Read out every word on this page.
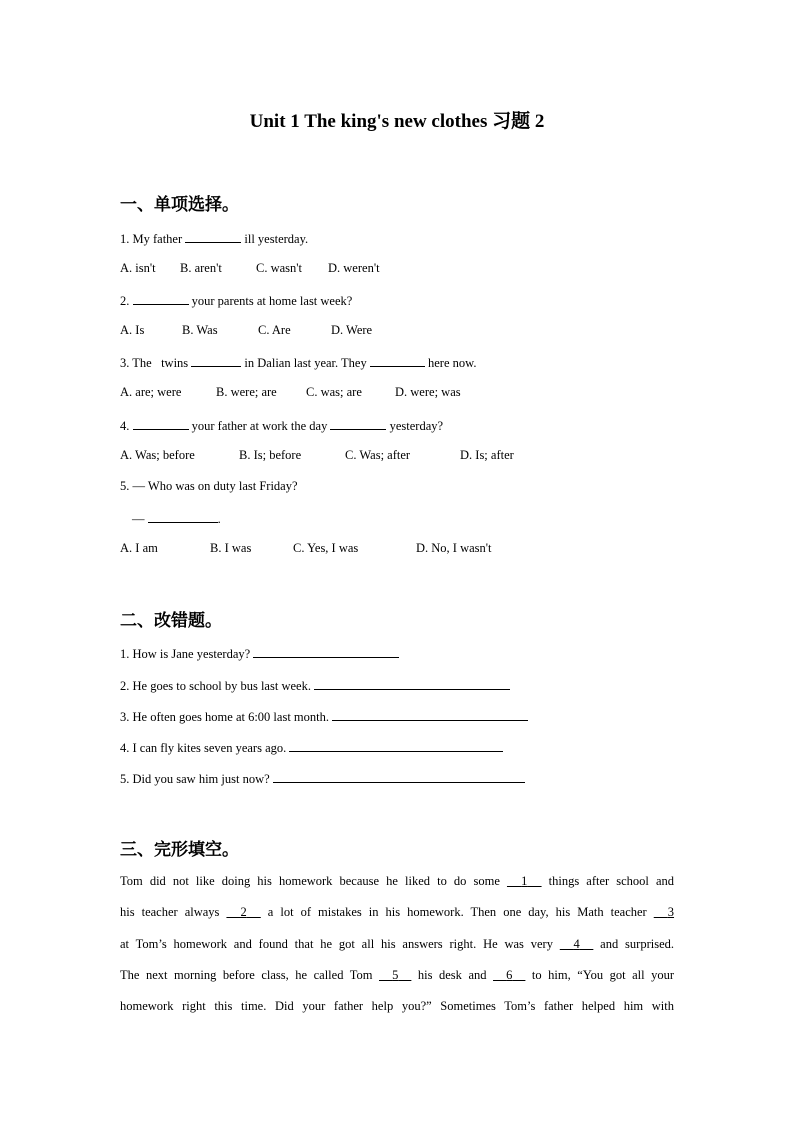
Unit 1 The king's new clothes 习题 2
一、单项选择。
1. My father	ill yesterday.
A. isn't B. aren't	C. wasn't D. weren't
2.	your parents at home last week?
A. Is	B. Was	C. Are	D. Were
3. The   twins	in Dalian last year. They	here now.
A. are; were	B. were; are C. was; are	D. were; was
4.	your father at work the day	yesterday?
A. Was; before	B. Is; before	C. Was; after	D. Is; after
5. — Who was on duty last Friday?
—	.
A. I am	B. I was	C. Yes, I was	D. No, I wasn't
二、改错题。
1. How is Jane yesterday?
2. He goes to school by bus last week.
3. He often goes home at 6:00 last month.
4. I can fly kites seven years ago.
5. Did you saw him just now?
三、完形填空。
Tom did not like doing his homework because he liked to do some   1   things after school and
his teacher always   2   a lot of mistakes in his homework. Then one day, his Math teacher   3
at Tom’s homework and found that he got all his answers right. He was very   4   and surprised.
The next morning before class, he called Tom   5   his desk and   6   to him, “You got all your
homework right this time. Did your father help you?” Sometimes Tom’s father helped him with
